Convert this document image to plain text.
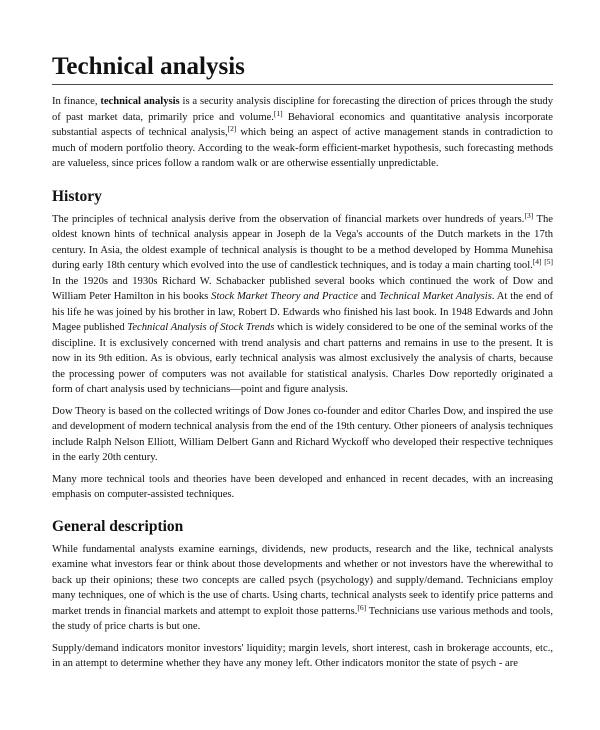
Technical analysis

In finance, technical analysis is a security analysis discipline for forecasting the direction of prices through the study of past market data, primarily price and volume.[1] Behavioral economics and quantitative analysis incorporate substantial aspects of technical analysis,[2] which being an aspect of active management stands in contradiction to much of modern portfolio theory. According to the weak-form efficient-market hypothesis, such forecasting methods are valueless, since prices follow a random walk or are otherwise essentially unpredictable.

History

The principles of technical analysis derive from the observation of financial markets over hundreds of years.[3] The oldest known hints of technical analysis appear in Joseph de la Vega's accounts of the Dutch markets in the 17th century. In Asia, the oldest example of technical analysis is thought to be a method developed by Homma Munehisa during early 18th century which evolved into the use of candlestick techniques, and is today a main charting tool.[4] [5] In the 1920s and 1930s Richard W. Schabacker published several books which continued the work of Dow and William Peter Hamilton in his books Stock Market Theory and Practice and Technical Market Analysis. At the end of his life he was joined by his brother in law, Robert D. Edwards who finished his last book. In 1948 Edwards and John Magee published Technical Analysis of Stock Trends which is widely considered to be one of the seminal works of the discipline. It is exclusively concerned with trend analysis and chart patterns and remains in use to the present. It is now in its 9th edition. As is obvious, early technical analysis was almost exclusively the analysis of charts, because the processing power of computers was not available for statistical analysis. Charles Dow reportedly originated a form of chart analysis used by technicians—point and figure analysis.

Dow Theory is based on the collected writings of Dow Jones co-founder and editor Charles Dow, and inspired the use and development of modern technical analysis from the end of the 19th century. Other pioneers of analysis techniques include Ralph Nelson Elliott, William Delbert Gann and Richard Wyckoff who developed their respective techniques in the early 20th century.

Many more technical tools and theories have been developed and enhanced in recent decades, with an increasing emphasis on computer-assisted techniques.

General description

While fundamental analysts examine earnings, dividends, new products, research and the like, technical analysts examine what investors fear or think about those developments and whether or not investors have the wherewithal to back up their opinions; these two concepts are called psych (psychology) and supply/demand. Technicians employ many techniques, one of which is the use of charts. Using charts, technical analysts seek to identify price patterns and market trends in financial markets and attempt to exploit those patterns.[6] Technicians use various methods and tools, the study of price charts is but one.

Supply/demand indicators monitor investors' liquidity; margin levels, short interest, cash in brokerage accounts, etc., in an attempt to determine whether they have any money left. Other indicators monitor the state of psych - are
